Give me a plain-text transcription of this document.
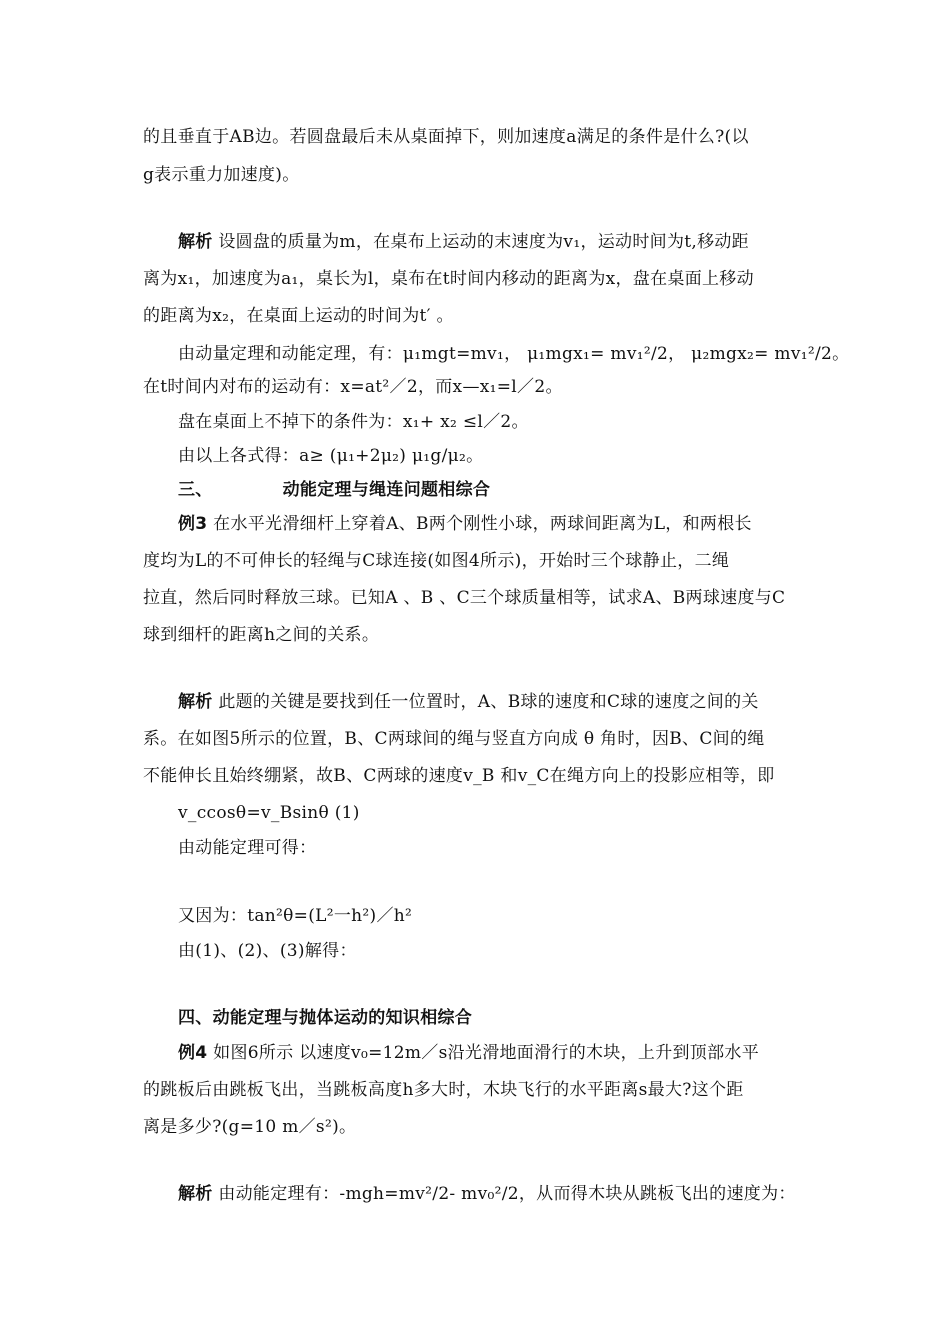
的且垂直于AB边。若圆盘最后未从桌面掉下，则加速度a满足的条件是什么?(以
g表示重力加速度)。
解析 设圆盘的质量为m，在桌布上运动的末速度为v₁，运动时间为t,移动距
离为x₁，加速度为a₁，桌长为l，桌布在t时间内移动的距离为x，盘在桌面上移动
的距离为x₂，在桌面上运动的时间为t′ 。
由动量定理和动能定理，有：μ₁mgt=mv₁， μ₁mgx₁= mv₁²/2， μ₂mgx₂= mv₁²/2。
在t时间内对布的运动有：x=at²／2，而x—x₁=l／2。
盘在桌面上不掉下的条件为：x₁+ x₂ ≤l／2。
由以上各式得：a≥ (μ₁+2μ₂) μ₁g/μ₂。
三、	动能定理与绳连问题相综合
例3 在水平光滑细杆上穿着A、B两个刚性小球，两球间距离为L，和两根长
度均为L的不可伸长的轻绳与C球连接(如图4所示)，开始时三个球静止，二绳
拉直，然后同时释放三球。已知A 、B 、C三个球质量相等，试求A、B两球速度与C
球到细杆的距离h之间的关系。
解析 此题的关键是要找到任一位置时，A、B球的速度和C球的速度之间的关
系。在如图5所示的位置，B、C两球间的绳与竖直方向成 θ 角时，因B、C间的绳
不能伸长且始终绷紧，故B、C两球的速度v_B 和v_C在绳方向上的投影应相等，即
v_ccosθ=v_Bsinθ (1)
由动能定理可得：
又因为：tan²θ=(L²一h²)／h²
由(1)、(2)、(3)解得：
四、动能定理与抛体运动的知识相综合
例4 如图6所示 以速度v₀=12m／s沿光滑地面滑行的木块，上升到顶部水平
的跳板后由跳板飞出，当跳板高度h多大时，木块飞行的水平距离s最大?这个距
离是多少?(g=10 m／s²)。
解析 由动能定理有：-mgh=mv²/2- mv₀²/2，从而得木块从跳板飞出的速度为：
